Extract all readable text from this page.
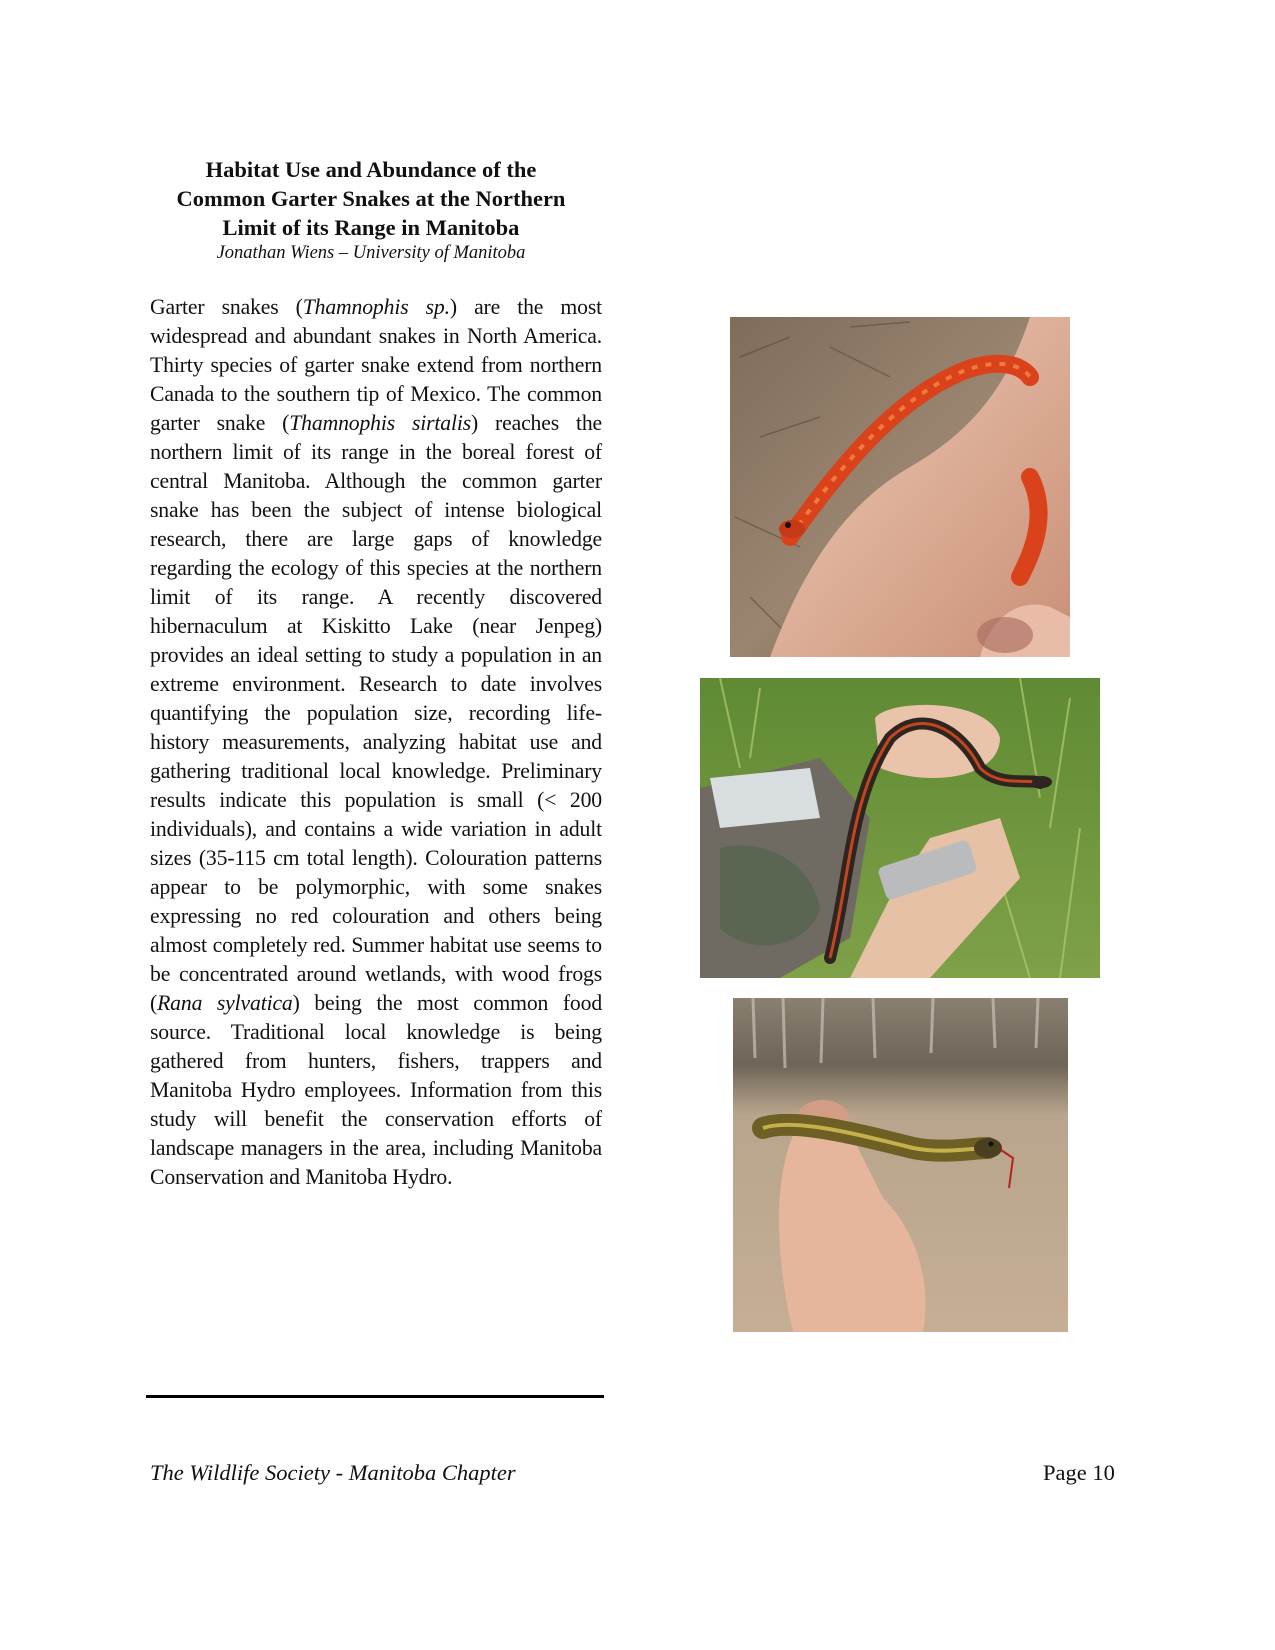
Habitat Use and Abundance of the
Common Garter Snakes at the Northern
Limit of its Range in Manitoba

Jonathan Wiens – University of Manitoba

Garter snakes (Thamnophis sp.) are the most widespread and abundant snakes in North America. Thirty species of garter snake extend from northern Canada to the southern tip of Mexico. The common garter snake (Thamnophis sirtalis) reaches the northern limit of its range in the boreal forest of central Manitoba. Although the common garter snake has been the subject of intense biological research, there are large gaps of knowledge regarding the ecology of this species at the northern limit of its range. A recently discovered hibernaculum at Kiskitto Lake (near Jenpeg) provides an ideal setting to study a population in an extreme environment. Research to date involves quantifying the population size, recording life-history measurements, analyzing habitat use and gathering traditional local knowledge. Preliminary results indicate this population is small (< 200 individuals), and contains a wide variation in adult sizes (35-115 cm total length). Colouration patterns appear to be polymorphic, with some snakes expressing no red colouration and others being almost completely red. Summer habitat use seems to be concentrated around wetlands, with wood frogs (Rana sylvatica) being the most common food source. Traditional local knowledge is being gathered from hunters, fishers, trappers and Manitoba Hydro employees. Information from this study will benefit the conservation efforts of landscape managers in the area, including Manitoba Conservation and Manitoba Hydro.
The Wildlife Society - Manitoba Chapter	Page 10
